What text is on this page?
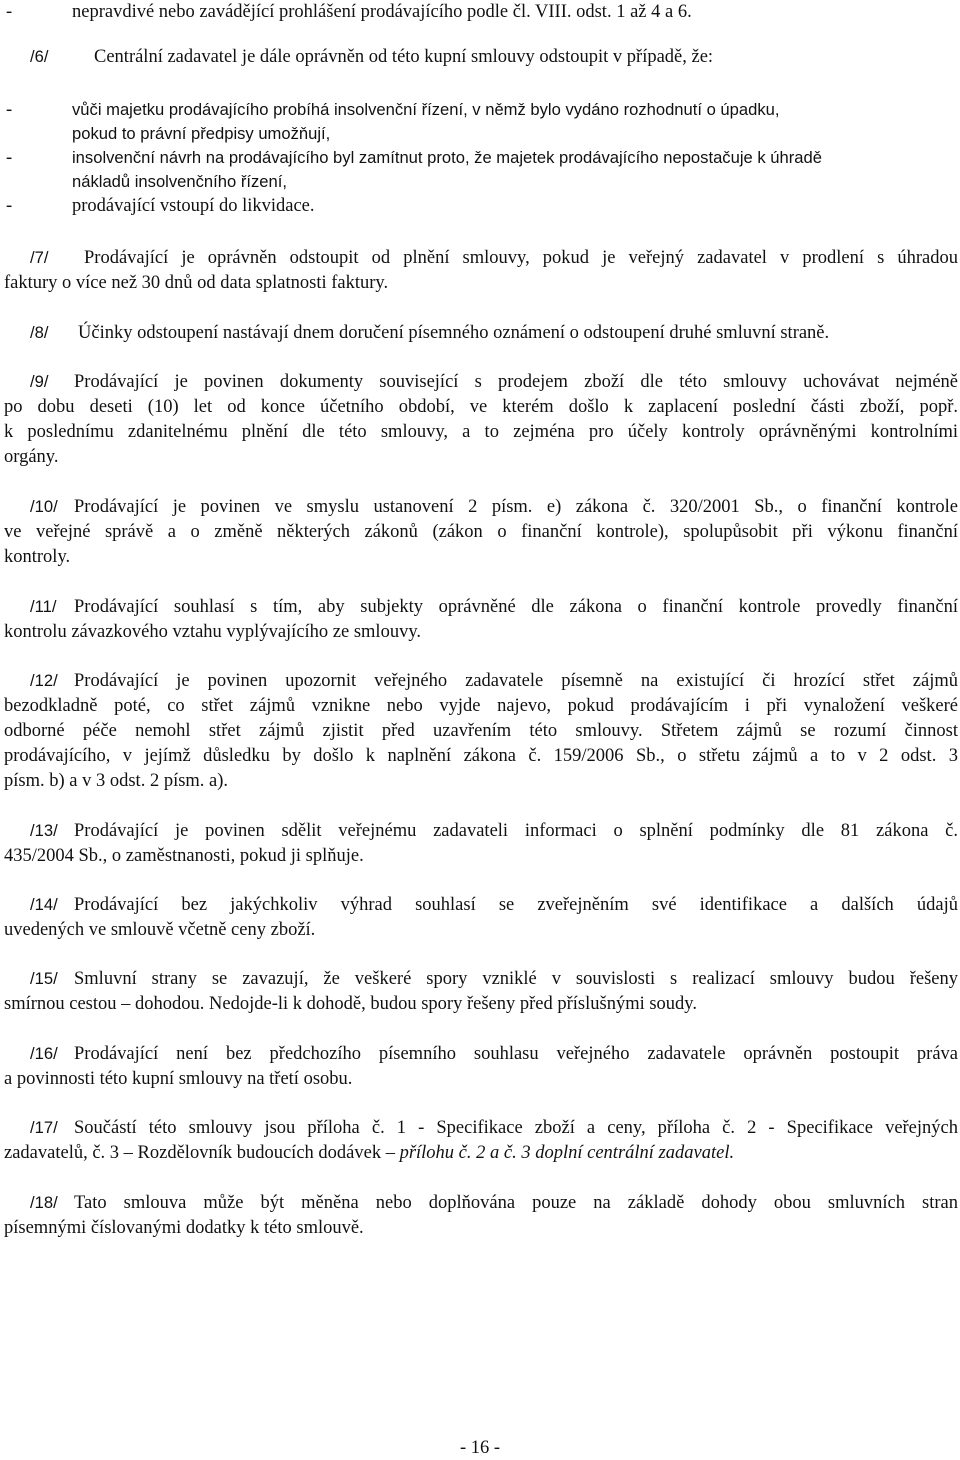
-	nepravdivé nebo zavádějící prohlášení prodávajícího podle čl. VIII. odst. 1 až 4 a 6.
/6/ Centrální zadavatel je dále oprávněn od této kupní smlouvy odstoupit v případě, že:
-	vůči majetku prodávajícího probíhá insolvenční řízení, v němž bylo vydáno rozhodnutí o úpadku,
pokud to právní předpisy umožňují,
-	insolvenční návrh na prodávajícího byl zamítnut proto, že majetek prodávajícího nepostačuje k úhradě
nákladů insolvenčního řízení,
-	prodávající vstoupí do likvidace.
/7/ Prodávající je oprávněn odstoupit od plnění smlouvy, pokud je veřejný zadavatel v prodlení s úhradou
faktury o více než 30 dnů od data splatnosti faktury.
/8/ Účinky odstoupení nastávají dnem doručení písemného oznámení o odstoupení druhé smluvní straně.
/9/ Prodávající je povinen dokumenty související s prodejem zboží dle této smlouvy uchovávat nejméně
po dobu deseti (10) let od konce účetního období, ve kterém došlo k zaplacení poslední části zboží, popř.
k poslednímu zdanitelnému plnění dle této smlouvy, a to zejména pro účely kontroly oprávněnými kontrolními
orgány.
/10/ Prodávající je povinen ve smyslu ustanovení 2 písm. e) zákona č. 320/2001 Sb., o finanční kontrole
ve veřejné správě a o změně některých zákonů (zákon o finanční kontrole), spolupůsobit při výkonu finanční
kontroly.
/11/ Prodávající souhlasí s tím, aby subjekty oprávněné dle zákona o finanční kontrole provedly finanční
kontrolu závazkového vztahu vyplývajícího ze smlouvy.
/12/ Prodávající je povinen upozornit veřejného zadavatele písemně na existující či hrozící střet zájmů
bezodkladně poté, co střet zájmů vznikne nebo vyjde najevo, pokud prodávajícím i při vynaložení veškeré
odborné péče nemohl střet zájmů zjistit před uzavřením této smlouvy. Střetem zájmů se rozumí činnost
prodávajícího, v jejímž důsledku by došlo k naplnění zákona č. 159/2006 Sb., o střetu zájmů a to v 2 odst. 3
písm. b) a v 3 odst. 2 písm. a).
/13/ Prodávající je povinen sdělit veřejnému zadavateli informaci o splnění podmínky dle 81 zákona č.
435/2004 Sb., o zaměstnanosti, pokud ji splňuje.
/14/ Prodávající bez jakýchkoliv výhrad souhlasí se zveřejněním své identifikace a dalších údajů
uvedených ve smlouvě včetně ceny zboží.
/15/ Smluvní strany se zavazují, že veškeré spory vzniklé v souvislosti s realizací smlouvy budou řešeny
smírnou cestou – dohodou. Nedojde-li k dohodě, budou spory řešeny před příslušnými soudy.
/16/ Prodávající není bez předchozího písemního souhlasu veřejného zadavatele oprávněn postoupit práva
a povinnosti této kupní smlouvy na třetí osobu.
/17/ Součástí této smlouvy jsou příloha č. 1 - Specifikace zboží a ceny, příloha č. 2 - Specifikace veřejných
zadavatelů, č. 3 – Rozdělovník budoucích dodávek – přílohu č. 2 a č. 3 doplní centrální zadavatel.
/18/ Tato smlouva může být měněna nebo doplňována pouze na základě dohody obou smluvních stran
písemnými číslovanými dodatky k této smlouvě.
- 16 -
